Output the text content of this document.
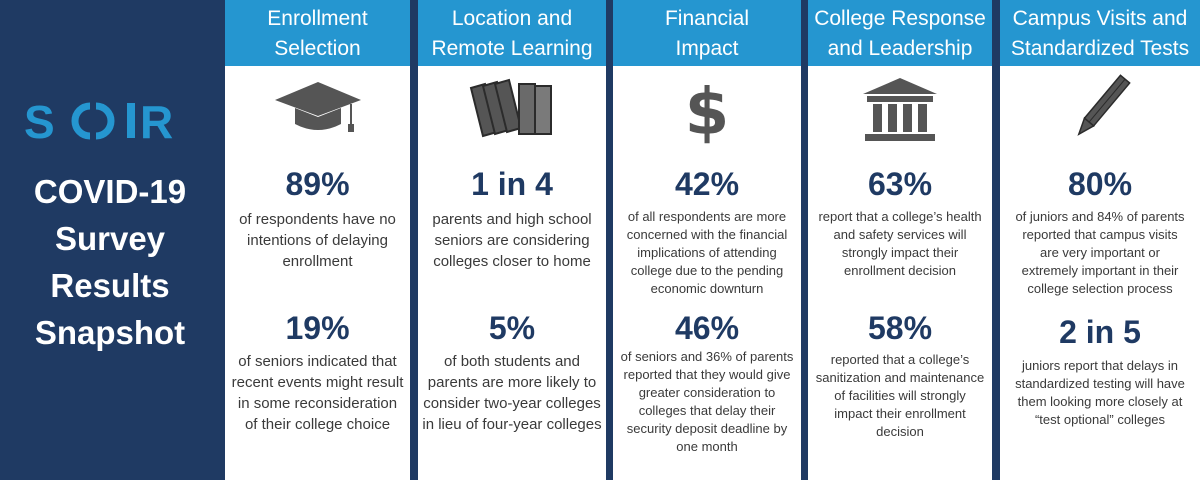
S R
COVID-19
Survey
Results
Snapshot
Enrollment
Selection
89%
of respondents have no
intentions of delaying
enrollment
19%
of seniors indicated that
recent events might result
in some reconsideration
of their college choice
Location and
Remote Learning
1 in 4
parents and high school
seniors are considering
colleges closer to home
5%
of both students and
parents are more likely to
consider two-year colleges
in lieu of four-year colleges
Financial
Impact
$
42%
of all respondents are more
concerned with the financial
implications of attending
college due to the pending
economic downturn
46%
of seniors and 36% of parents
reported that they would give
greater consideration to
colleges that delay their
security deposit deadline by
one month
College Response
and Leadership
63%
report that a college’s health
and safety services will
strongly impact their
enrollment decision
58%
reported that a college’s
sanitization and maintenance
of facilities will strongly
impact their enrollment
decision
Campus Visits and
Standardized Tests
80%
of juniors and 84% of parents
reported that campus visits
are very important or
extremely important in their
college selection process
2 in 5
juniors report that delays in
standardized testing will have
them looking more closely at
“test optional” colleges
